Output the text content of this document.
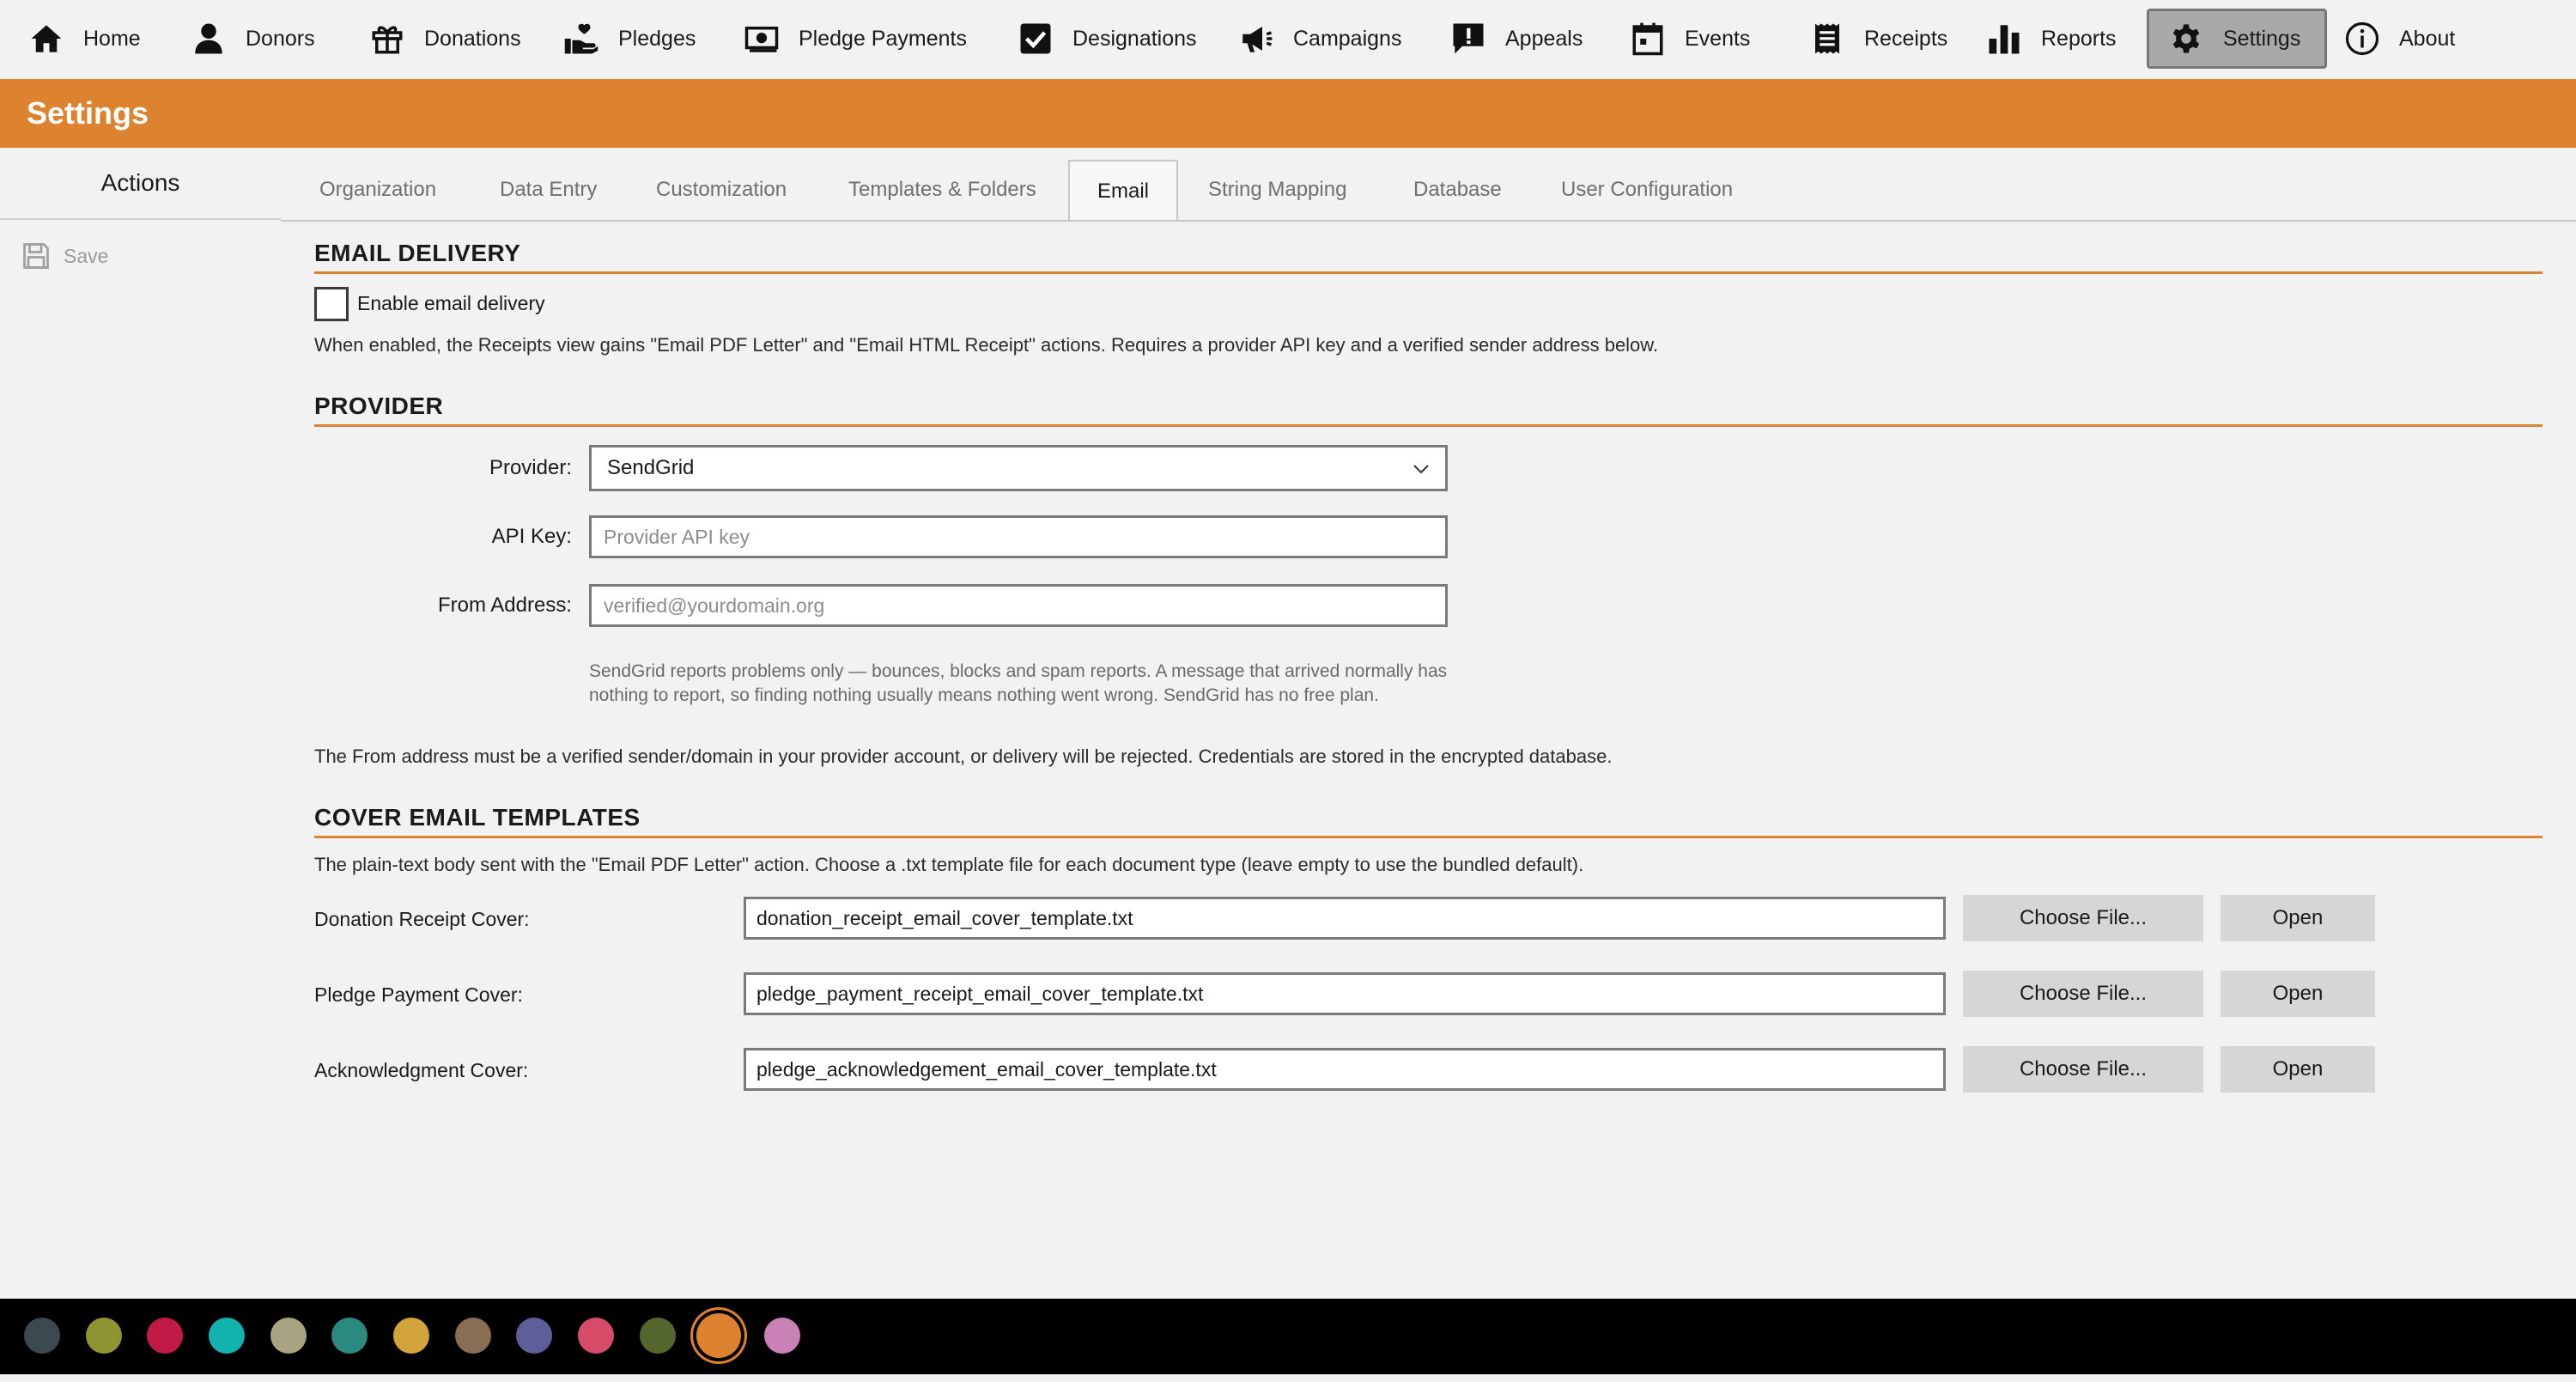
Home	Donors	Donations	Pledges	Pledge Payments	Designations	Campaigns	Appeals	Events	Receipts	Reports	Settings	About
Settings
Actions
Save
Organization	Data Entry	Customization	Templates & Folders	Email	String Mapping	Database	User Configuration
EMAIL DELIVERY
Enable email delivery
When enabled, the Receipts view gains "Email PDF Letter" and "Email HTML Receipt" actions. Requires a provider API key and a verified sender address below.
PROVIDER
Provider: SendGrid
API Key:
Provider API key
From Address:
verified@yourdomain.org
SendGrid reports problems only — bounces, blocks and spam reports. A message that arrived normally has nothing to report, so finding nothing usually means nothing went wrong. SendGrid has no free plan.
The From address must be a verified sender/domain in your provider account, or delivery will be rejected. Credentials are stored in the encrypted database.
COVER EMAIL TEMPLATES
The plain-text body sent with the "Email PDF Letter" action. Choose a .txt template file for each document type (leave empty to use the bundled default).
Donation Receipt Cover:
donation_receipt_email_cover_template.txt	Choose File...	Open
Pledge Payment Cover:
pledge_payment_receipt_email_cover_template.txt	Choose File...	Open
Acknowledgment Cover:
pledge_acknowledgement_email_cover_template.txt	Choose File...	Open
